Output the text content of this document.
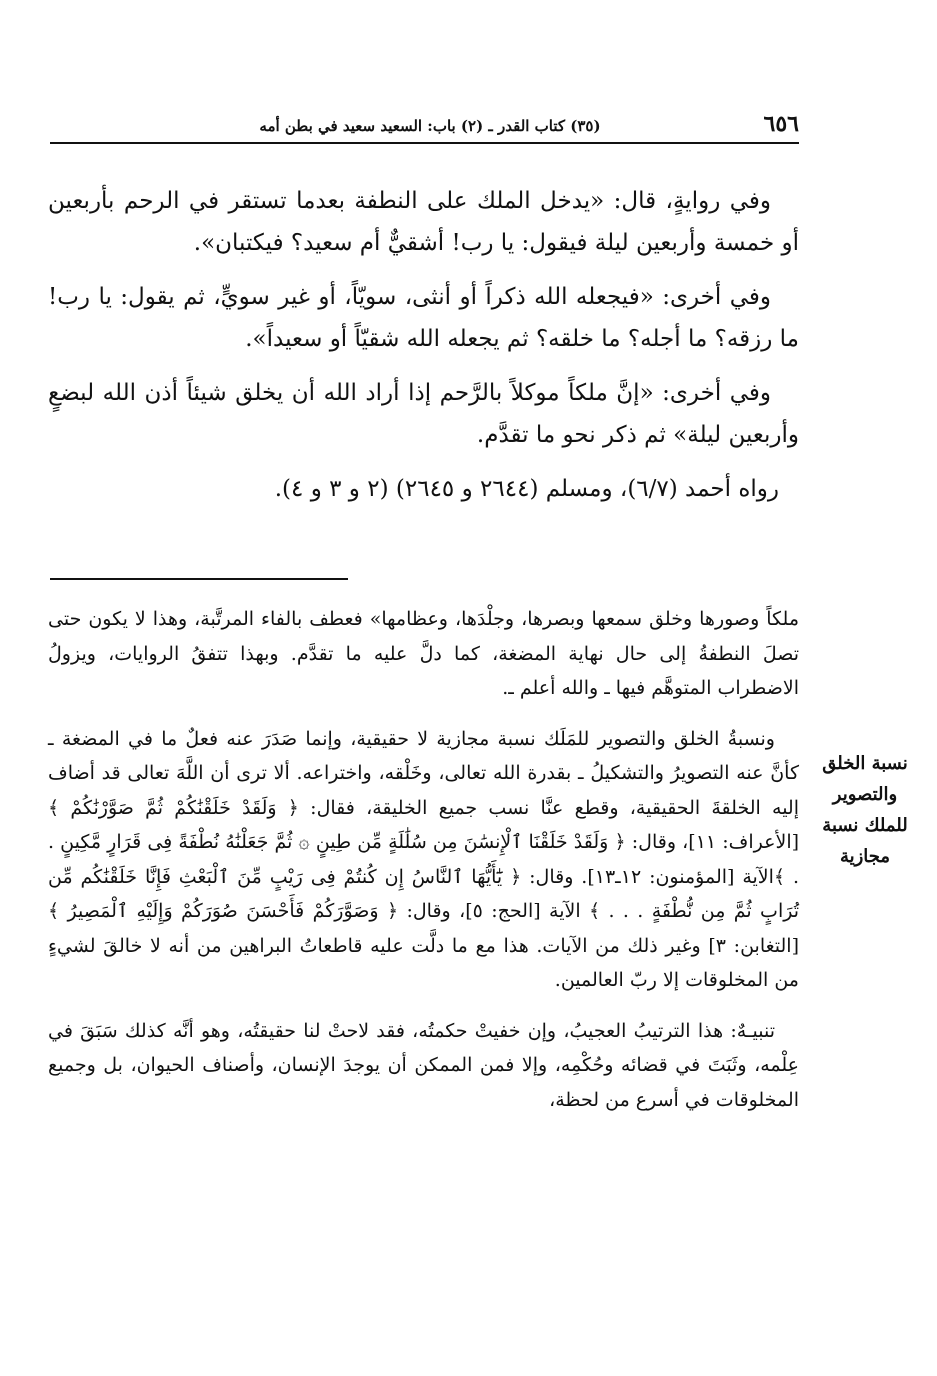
٦٥٦
(٣٥) كتاب القدر ـ (٢) باب: السعيد سعيد في بطن أمه

وفي روايةٍ، قال: «يدخل الملك على النطفة بعدما تستقر في الرحم بأربعين أو خمسة وأربعين ليلة فيقول: يا رب! أشقيٌّ أم سعيد؟ فيكتبان».

وفي أخرى: «فيجعله الله ذكراً أو أنثى، سويّاً، أو غير سويٍّ، ثم يقول: يا رب! ما رزقه؟ ما أجله؟ ما خلقه؟ ثم يجعله الله شقيّاً أو سعيداً».

وفي أخرى: «إنَّ ملكاً موكلاً بالرَّحم إذا أراد الله أن يخلق شيئاً أذن الله لبضعٍ وأربعين ليلة» ثم ذكر نحو ما تقدَّم.

رواه أحمد (٦/٧)، ومسلم (٢٦٤٤ و ٢٦٤٥) (٢ و ٣ و ٤).

نسبة الخلق والتصوير للملك نسبة مجازية

ملكاً وصورها وخلق سمعها وبصرها، وجلْدَها، وعظامها» فعطف بالفاء المرتَّبة، وهذا لا يكون حتى تصلَ النطفةُ إلى حال نهاية المضغة، كما دلَّ عليه ما تقدَّم. وبهذا تتفقُ الروايات، ويزولُ الاضطراب المتوهَّم فيها ـ والله أعلم ـ.

ونسبةُ الخلق والتصوير للمَلَك نسبة مجازية لا حقيقية، وإنما صَدَرَ عنه فعلٌ ما في المضغة ـ كأنَّ عنه التصويرُ والتشكيلُ ـ بقدرة الله تعالى، وخَلْقه، واختراعه. ألا ترى أن اللَّهَ تعالى قد أضاف إليه الخلقةَ الحقيقية، وقطع عنَّا نسب جميع الخليقة، فقال: ﴿ وَلَقَدْ خَلَقْنَٰكُمْ ثُمَّ صَوَّرْنَٰكُمْ ﴾ [الأعراف: ١١]، وقال: ﴿ وَلَقَدْ خَلَقْنَا ٱلْإِنسَٰنَ مِن سُلَٰلَةٍ مِّن طِينٍ ۞ ثُمَّ جَعَلْنَٰهُ نُطْفَةً فِى قَرَارٍ مَّكِينٍ . . ﴾الآية [المؤمنون: ١٢ـ١٣]. وقال: ﴿ يَٰٓأَيُّهَا ٱلنَّاسُ إِن كُنتُمْ فِى رَيْبٍ مِّنَ ٱلْبَعْثِ فَإِنَّا خَلَقْنَٰكُم مِّن تُرَابٍ ثُمَّ مِن نُّطْفَةٍ . . . ﴾ الآية [الحج: ٥]، وقال: ﴿ وَصَوَّرَكُمْ فَأَحْسَنَ صُوَرَكُمْ وَإِلَيْهِ ٱلْمَصِيرُ ﴾ [التغابن: ٣] وغير ذلك من الآيات. هذا مع ما دلَّت عليه قاطعاتُ البراهين من أنه لا خالقَ لشيءٍ من المخلوقات إلا ربّ العالمين.

تنبيـهٌ: هذا الترتيبُ العجيبُ، وإن خفيتْ حكمتُه، فقد لاحتْ لنا حقيقتُه، وهو أنَّه كذلك سَبَقَ في عِلْمه، وثَبَتَ في قضائه وحُكْمِه، وإلا فمن الممكن أن يوجدَ الإنسان، وأصناف الحيوان، بل وجميع المخلوقات في أسرع من لحظة،
